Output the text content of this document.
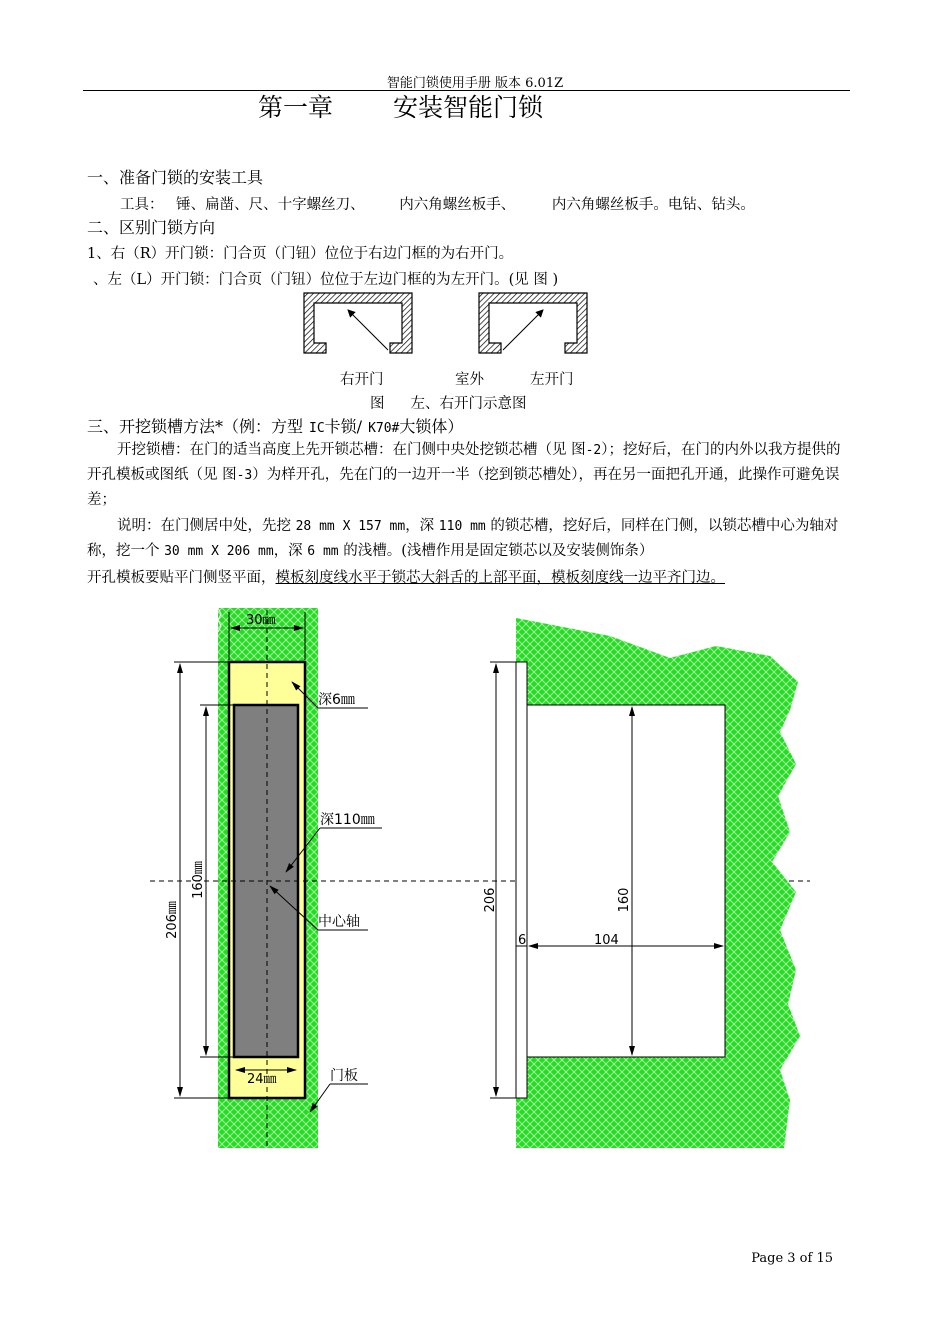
智能门锁使用手册 版本 6.01Z
第一章 安装智能门锁
一、准备门锁的安装工具
工具： 锤、扁凿、尺、十字螺丝刀、 内六角螺丝板手、	内六角螺丝板手。电钻、钻头。
二、区别门锁方向
1、右（R）开门锁：门合页（门钮）位位于右边门框的为右开门。
、左（L）开门锁：门合页（门钮）位位于左边门框的为左开门。(见 图 )
右开门	室外	左开门
图 左、右开门示意图
三、开挖锁槽方法*（例：方型 IC卡锁/ K70#大锁体）
开挖锁槽：在门的适当高度上先开锁芯槽：在门侧中央处挖锁芯槽（见 图-2）；挖好后，在门的内外以我方提供的开孔模板或图纸（见 图-3）为样开孔，先在门的一边开一半（挖到锁芯槽处），再在另一面把孔开通，此操作可避免误差；
说明：在门侧居中处，先挖 28 mm X 157 mm，深 110 mm 的锁芯槽，挖好后，同样在门侧，以锁芯槽中心为轴对称，挖一个 30 mm X 206 mm，深 6 mm 的浅槽。(浅槽作用是固定锁芯以及安装侧饰条）
开孔模板要贴平门侧竖平面，模板刻度线水平于锁芯大斜舌的上部平面，模板刻度线一边平齐门边。
30㎜
206㎜
160㎜
24㎜
深6㎜
深110㎜
中心轴
门板
206	160
6	104
Page 3 of 15
